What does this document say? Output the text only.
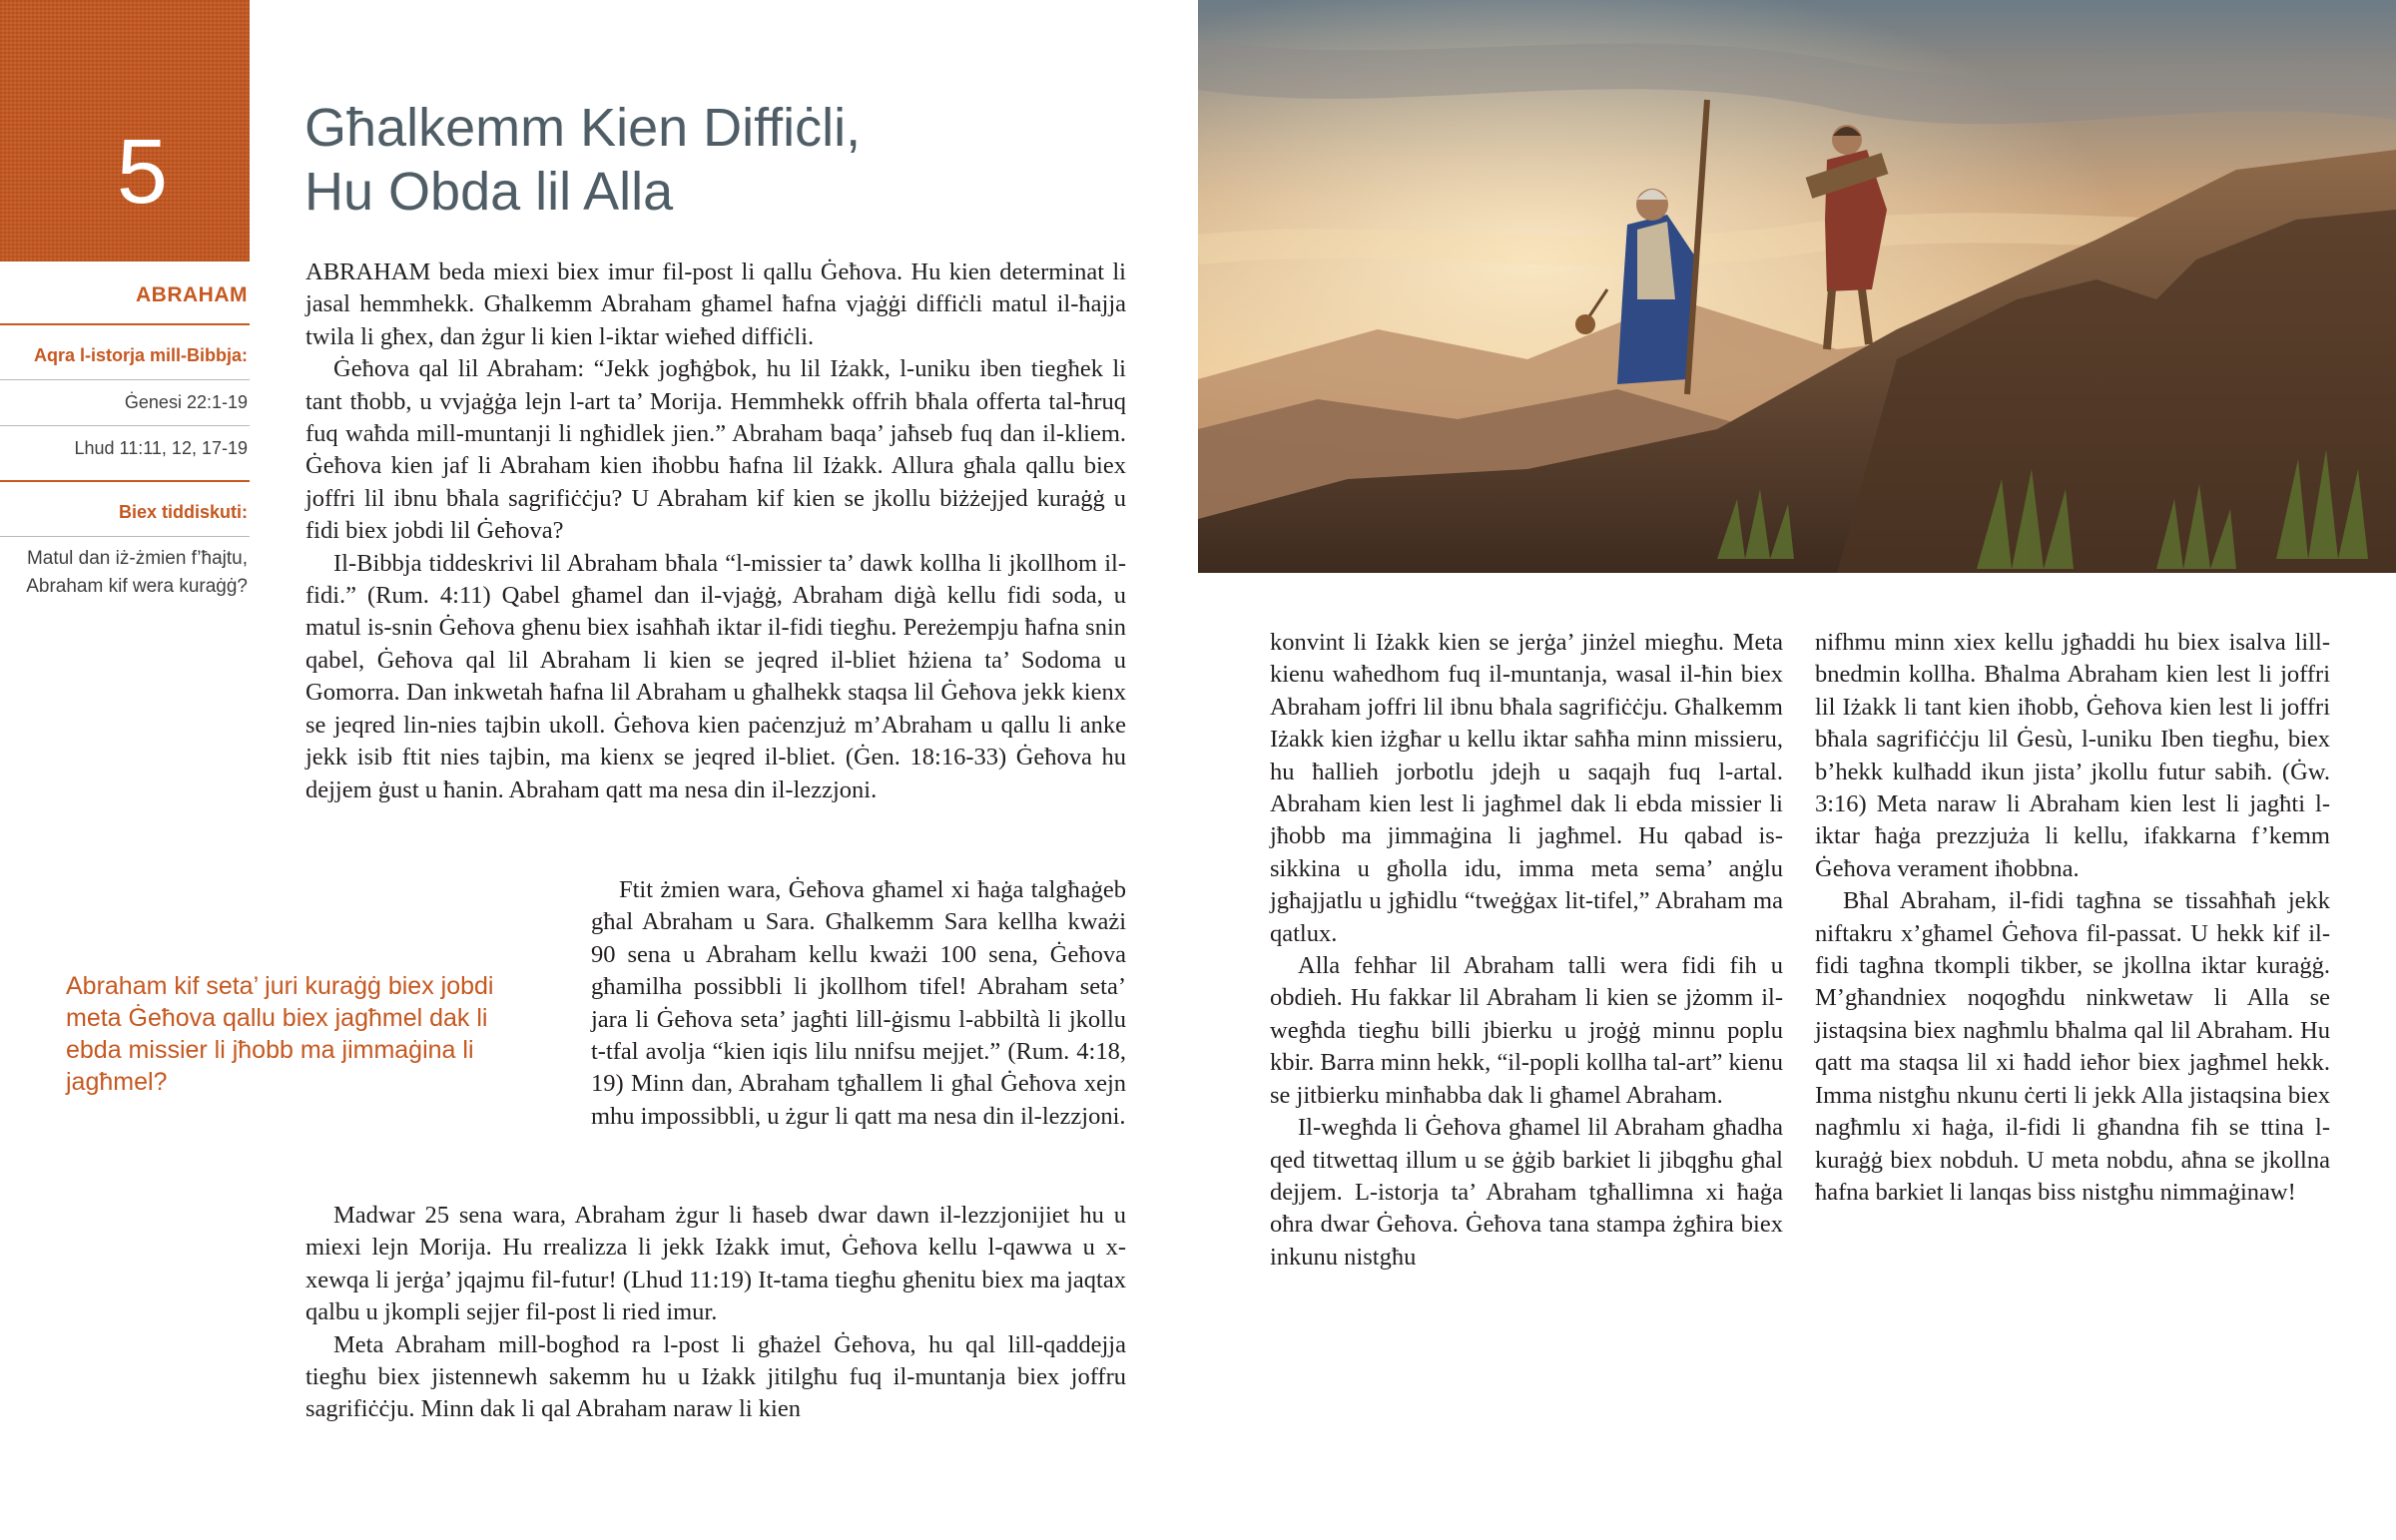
5
ABRAHAM
Aqra l-istorja mill-Bibbja:
Ġenesi 22:1-19
Lhud 11:11, 12, 17-19
Biex tiddiskuti:
Matul dan iż-żmien f’ħajtu, Abraham kif wera kuraġġ?
Għalkemm Kien Diffiċli,
Hu Obda lil Alla

ABRAHAM beda miexi biex imur fil-post li qallu Ġeħova. Hu kien determinat li jasal hemmhekk. Għalkemm Abraham għamel ħafna vjaġġi diffiċli matul il-ħajja twila li għex, dan żgur li kien l-iktar wieħed diffiċli.

Ġeħova qal lil Abraham: “Jekk jogħġbok, hu lil Iżakk, l-uniku iben tiegħek li tant tħobb, u vvjaġġa lejn l-art ta’ Morija. Hemmhekk offrih bħala offerta tal-ħruq fuq waħda mill-muntanji li ngħidlek jien.” Abraham baqa’ jaħseb fuq dan il-kliem. Ġeħova kien jaf li Abraham kien iħobbu ħafna lil Iżakk. Allura għala qallu biex joffri lil ibnu bħala sagrifiċċju? U Abraham kif kien se jkollu biżżejjed kuraġġ u fidi biex jobdi lil Ġeħova?

Il-Bibbja tiddeskrivi lil Abraham bħala “l-missier ta’ dawk kollha li jkollhom il-fidi.” (Rum. 4:11) Qabel għamel dan il-vjaġġ, Abraham diġà kellu fidi soda, u matul is-snin Ġeħova għenu biex isaħħaħ iktar il-fidi tiegħu. Pereżempju ħafna snin qabel, Ġeħova qal lil Abraham li kien se jeqred il-bliet ħżiena ta’ Sodoma u Gomorra. Dan inkwetah ħafna lil Abraham u għalhekk staqsa lil Ġeħova jekk kienx se jeqred lin-nies tajbin ukoll. Ġeħova kien paċenzjuż m’Abraham u qallu li anke jekk isib ftit nies tajbin, ma kienx se jeqred il-bliet. (Ġen. 18:16-33) Ġeħova hu dejjem ġust u ħanin. Abraham qatt ma nesa din il-lezzjoni.

Abraham kif seta’ juri kuraġġ biex jobdi meta Ġeħova qallu biex jagħmel dak li ebda missier li jħobb ma jimmaġina li jagħmel?

Ftit żmien wara, Ġeħova għamel xi ħaġa talgħaġeb għal Abraham u Sara. Għalkemm Sara kellha kważi 90 sena u Abraham kellu kważi 100 sena, Ġeħova għamilha possibbli li jkollhom tifel! Abraham seta’ jara li Ġeħova seta’ jagħti lill-ġismu l-abbiltà li jkollu t-tfal avolja “kien iqis lilu nnifsu mejjet.” (Rum. 4:18, 19) Minn dan, Abraham tgħallem li għal Ġeħova xejn mhu impossibbli, u żgur li qatt ma nesa din il-lezzjoni.

Madwar 25 sena wara, Abraham żgur li ħaseb dwar dawn il-lezzjonijiet hu u miexi lejn Morija. Hu rrealizza li jekk Iżakk imut, Ġeħova kellu l-qawwa u x-xewqa li jerġa’ jqajmu fil-futur! (Lhud 11:19) It-tama tiegħu għenitu biex ma jaqtax qalbu u jkompli sejjer fil-post li ried imur.

Meta Abraham mill-bogħod ra l-post li għażel Ġeħova, hu qal lill-qaddejja tiegħu biex jistennewh sakemm hu u Iżakk jitilgħu fuq il-muntanja biex joffru sagrifiċċju. Minn dak li qal Abraham naraw li kien

konvint li Iżakk kien se jerġa’ jinżel miegħu. Meta kienu waħedhom fuq il-muntanja, wasal il-ħin biex Abraham joffri lil ibnu bħala sagrifiċċju. Għalkemm Iżakk kien iżgħar u kellu iktar saħħa minn missieru, hu ħallieh jorbotlu jdejh u saqajh fuq l-artal. Abraham kien lest li jagħmel dak li ebda missier li jħobb ma jimmaġina li jagħmel. Hu qabad is-sikkina u għolla idu, imma meta sema’ anġlu jgħajjatlu u jgħidlu “tweġġax lit-tifel,” Abraham ma qatlux.

Alla fehħar lil Abraham talli wera fidi fih u obdieh. Hu fakkar lil Abraham li kien se jżomm il-wegħda tiegħu billi jbierku u jroġġ minnu poplu kbir. Barra minn hekk, “il-popli kollha tal-art” kienu se jitbierku minħabba dak li għamel Abraham.

Il-wegħda li Ġeħova għamel lil Abraham għadha qed titwettaq illum u se ġġib barkiet li jibqgħu għal dejjem. L-istorja ta’ Abraham tgħallimna xi ħaġa oħra dwar Ġeħova. Ġeħova tana stampa żgħira biex inkunu nistgħu

nifhmu minn xiex kellu jgħaddi hu biex isalva lill-bnedmin kollha. Bħalma Abraham kien lest li joffri lil Iżakk li tant kien iħobb, Ġeħova kien lest li joffri bħala sagrifiċċju lil Ġesù, l-uniku Iben tiegħu, biex b’hekk kulħadd ikun jista’ jkollu futur sabiħ. (Ġw. 3:16) Meta naraw li Abraham kien lest li jagħti l-iktar ħaġa prezzjuża li kellu, ifakkarna f’kemm Ġeħova verament iħobbna.

Bħal Abraham, il-fidi tagħna se tissaħħaħ jekk niftakru x’għamel Ġeħova fil-passat. U hekk kif il-fidi tagħna tkompli tikber, se jkollna iktar kuraġġ. M’għandniex noqogħdu ninkwetaw li Alla se jistaqsina biex nagħmlu bħalma qal lil Abraham. Hu qatt ma staqsa lil xi ħadd ieħor biex jagħmel hekk. Imma nistgħu nkunu ċerti li jekk Alla jistaqsina biex nagħmlu xi ħaġa, il-fidi li għandna fih se ttina l-kuraġġ biex nobduh. U meta nobdu, aħna se jkollna ħafna barkiet li lanqas biss nistgħu nimmaġinaw!
